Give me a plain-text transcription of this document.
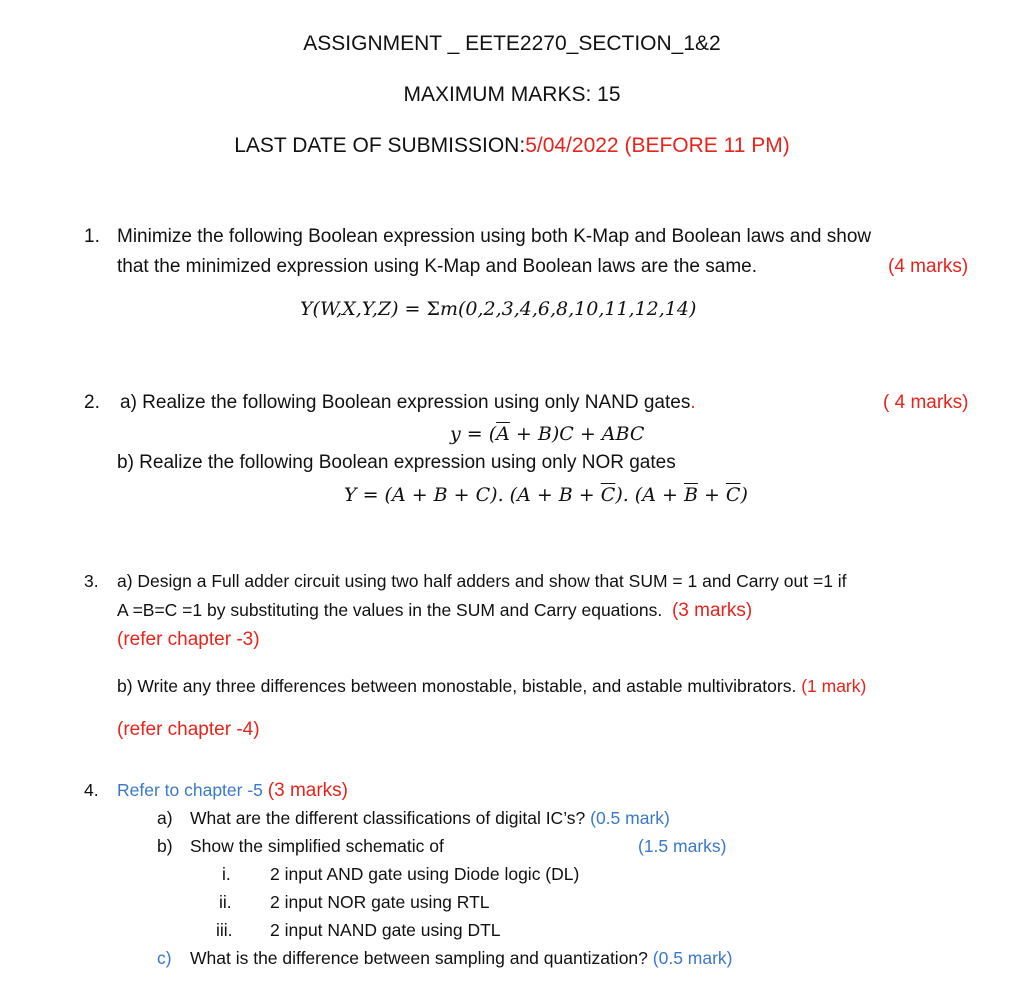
ASSIGNMENT _ EETE2270_SECTION_1&2
MAXIMUM MARKS: 15
LAST DATE OF SUBMISSION:5/04/2022 (BEFORE 11 PM)
1. Minimize the following Boolean expression using both K-Map and Boolean laws and show
that the minimized expression using K-Map and Boolean laws are the same.	(4 marks)
Y(W,X,Y,Z) = Σm(0,2,3,4,6,8,10,11,12,14)
2. a) Realize the following Boolean expression using only NAND gates.	( 4 marks)
$y = (\overline{A} + B)C$ + ABC
b) Realize the following Boolean expression using only NOR gates
Y = (A + B + C). $(A + B + \overline{C})$. $(A + \overline{B} + \overline{C})$
3. a) Design a Full adder circuit using two half adders and show that SUM = 1 and Carry out =1 if
A =B=C =1 by substituting the values in the SUM and Carry equations. (3 marks)
(refer chapter -3)
b) Write any three differences between monostable, bistable, and astable multivibrators. (1 mark)
(refer chapter -4)
4. Refer to chapter -5 (3 marks)
a) What are the different classifications of digital IC’s? (0.5 mark)
b) Show the simplified schematic of	(1.5 marks)
i. 2 input AND gate using Diode logic (DL)
ii. 2 input NOR gate using RTL
iii. 2 input NAND gate using DTL
c) What is the difference between sampling and quantization? (0.5 mark)
